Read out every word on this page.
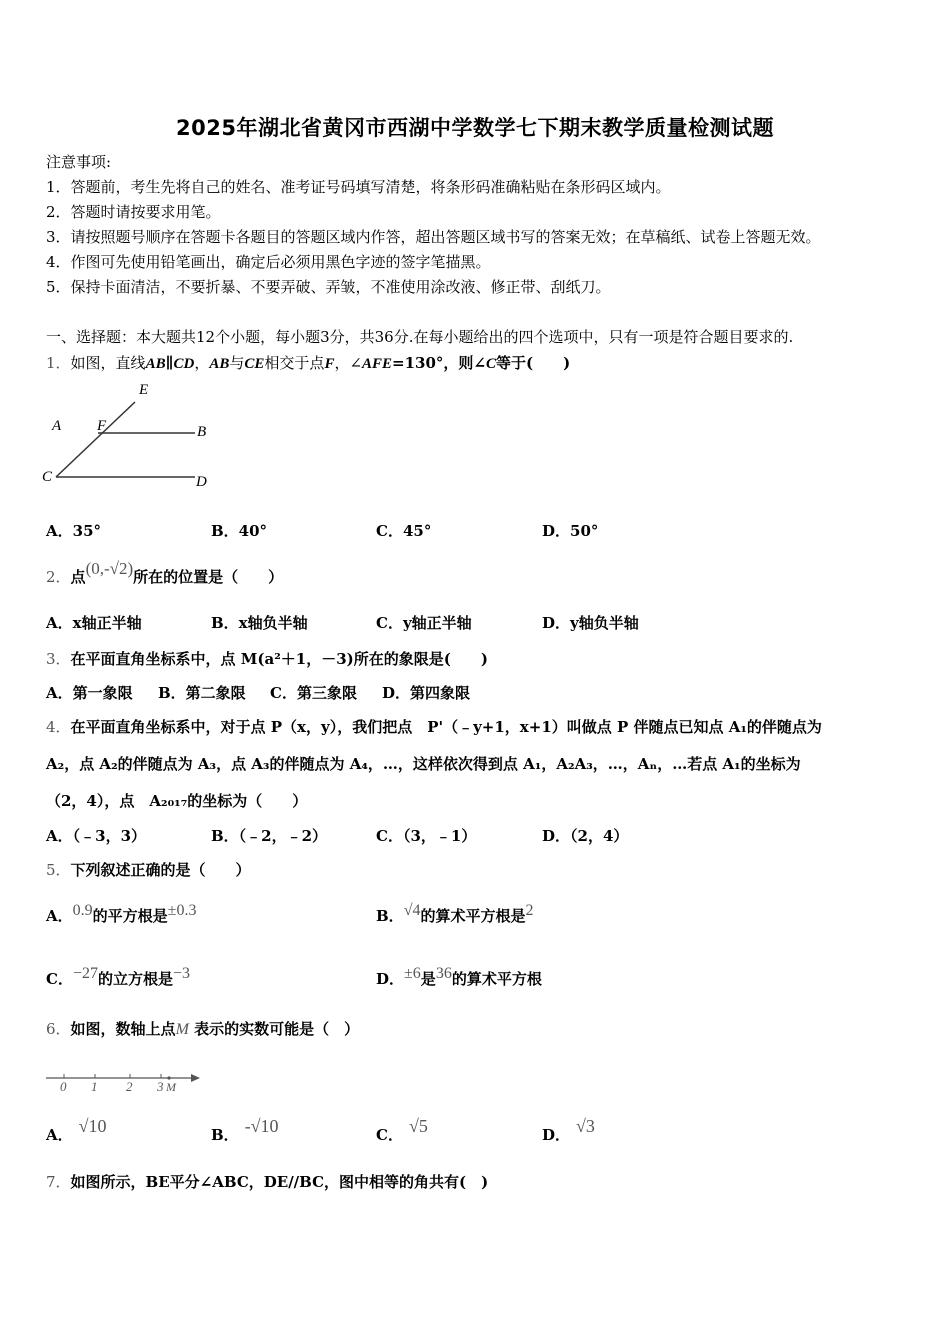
2025年湖北省黄冈市西湖中学数学七下期末教学质量检测试题
注意事项:
1．答题前，考生先将自己的姓名、准考证号码填写清楚，将条形码准确粘贴在条形码区域内。
2．答题时请按要求用笔。
3．请按照题号顺序在答题卡各题目的答题区域内作答，超出答题区域书写的答案无效；在草稿纸、试卷上答题无效。
4．作图可先使用铅笔画出，确定后必须用黑色字迹的签字笔描黑。
5．保持卡面清洁，不要折暴、不要弄破、弄皱，不准使用涂改液、修正带、刮纸刀。
一、选择题：本大题共12个小题，每小题3分，共36分.在每小题给出的四个选项中，只有一项是符合题目要求的.
1．如图，直线AB∥CD，AB与CE相交于点F，∠AFE=130°，则∠C等于(　　)
E
A F	B
C	D
A．35°	B．40°	C．45°	D．50°
2．点(0,-√2)所在的位置是（　　）
A．x轴正半轴	B．x轴负半轴	C．y轴正半轴	D．y轴负半轴
3．在平面直角坐标系中，点 M(a²＋1，－3)所在的象限是(　　)
A．第一象限 B．第二象限 C．第三象限 D．第四象限
4．在平面直角坐标系中，对于点 P（x，y），我们把点　P'（﹣y+1，x+1）叫做点 P 伴随点已知点 A₁的伴随点为
A₂，点 A₂的伴随点为 A₃，点 A₃的伴随点为 A₄，…，这样依次得到点 A₁，A₂A₃，…，Aₙ，…若点 A₁的坐标为
（2，4），点　A₂₀₁₇的坐标为（　　）
A．（﹣3，3）	B．（﹣2，﹣2）	C．（3，﹣1）	D．（2，4）
5．下列叙述正确的是（　　）
A．0.9的平方根是±0.3	B．√4的算术平方根是2
C．−27的立方根是−3	D．±6是36的算术平方根
6．如图，数轴上点M 表示的实数可能是（　）
0 1 2 3 M
A． √10	B． -√10	C． √5	D． √3
7．如图所示，BE平分∠ABC，DE//BC，图中相等的角共有(　)
